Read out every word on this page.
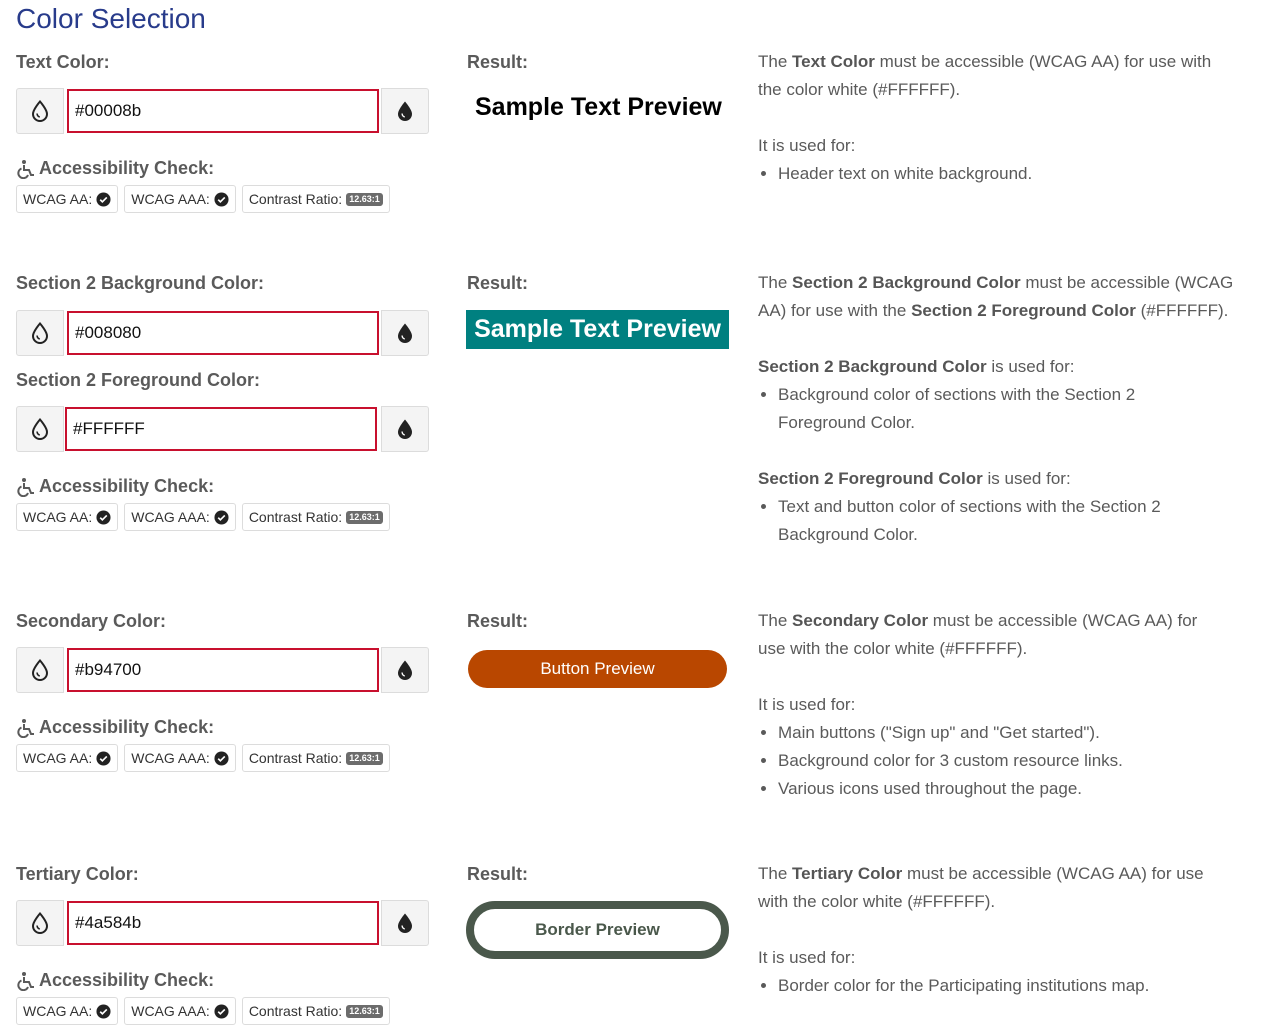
Color Selection
Text Color:
#00008b
Accessibility Check:
WCAG AA:	WCAG AAA:	Contrast Ratio: 12.63:1
Result:
Sample Text Preview

The Text Color must be accessible (WCAG AA) for use with the color white (#FFFFFF).

It is used for:

• Header text on white background.
Section 2 Background Color:
#008080
Section 2 Foreground Color:
#FFFFFF
Accessibility Check:
WCAG AA:	WCAG AAA:	Contrast Ratio: 12.63:1
Result:
Sample Text Preview

The Section 2 Background Color must be accessible (WCAG AA) for use with the Section 2 Foreground Color (#FFFFFF).

Section 2 Background Color is used for:

• Background color of sections with the Section 2 Foreground Color.

Section 2 Foreground Color is used for:

• Text and button color of sections with the Section 2 Background Color.
Secondary Color:
#b94700
Accessibility Check:
WCAG AA:	WCAG AAA:	Contrast Ratio: 12.63:1
Result:
Button Preview

The Secondary Color must be accessible (WCAG AA) for use with the color white (#FFFFFF).

It is used for:

• Main buttons ("Sign up" and "Get started").
• Background color for 3 custom resource links.
• Various icons used throughout the page.
Tertiary Color:
#4a584b
Accessibility Check:
WCAG AA:	WCAG AAA:	Contrast Ratio: 12.63:1
Result:
Border Preview

The Tertiary Color must be accessible (WCAG AA) for use with the color white (#FFFFFF).

It is used for:

• Border color for the Participating institutions map.
